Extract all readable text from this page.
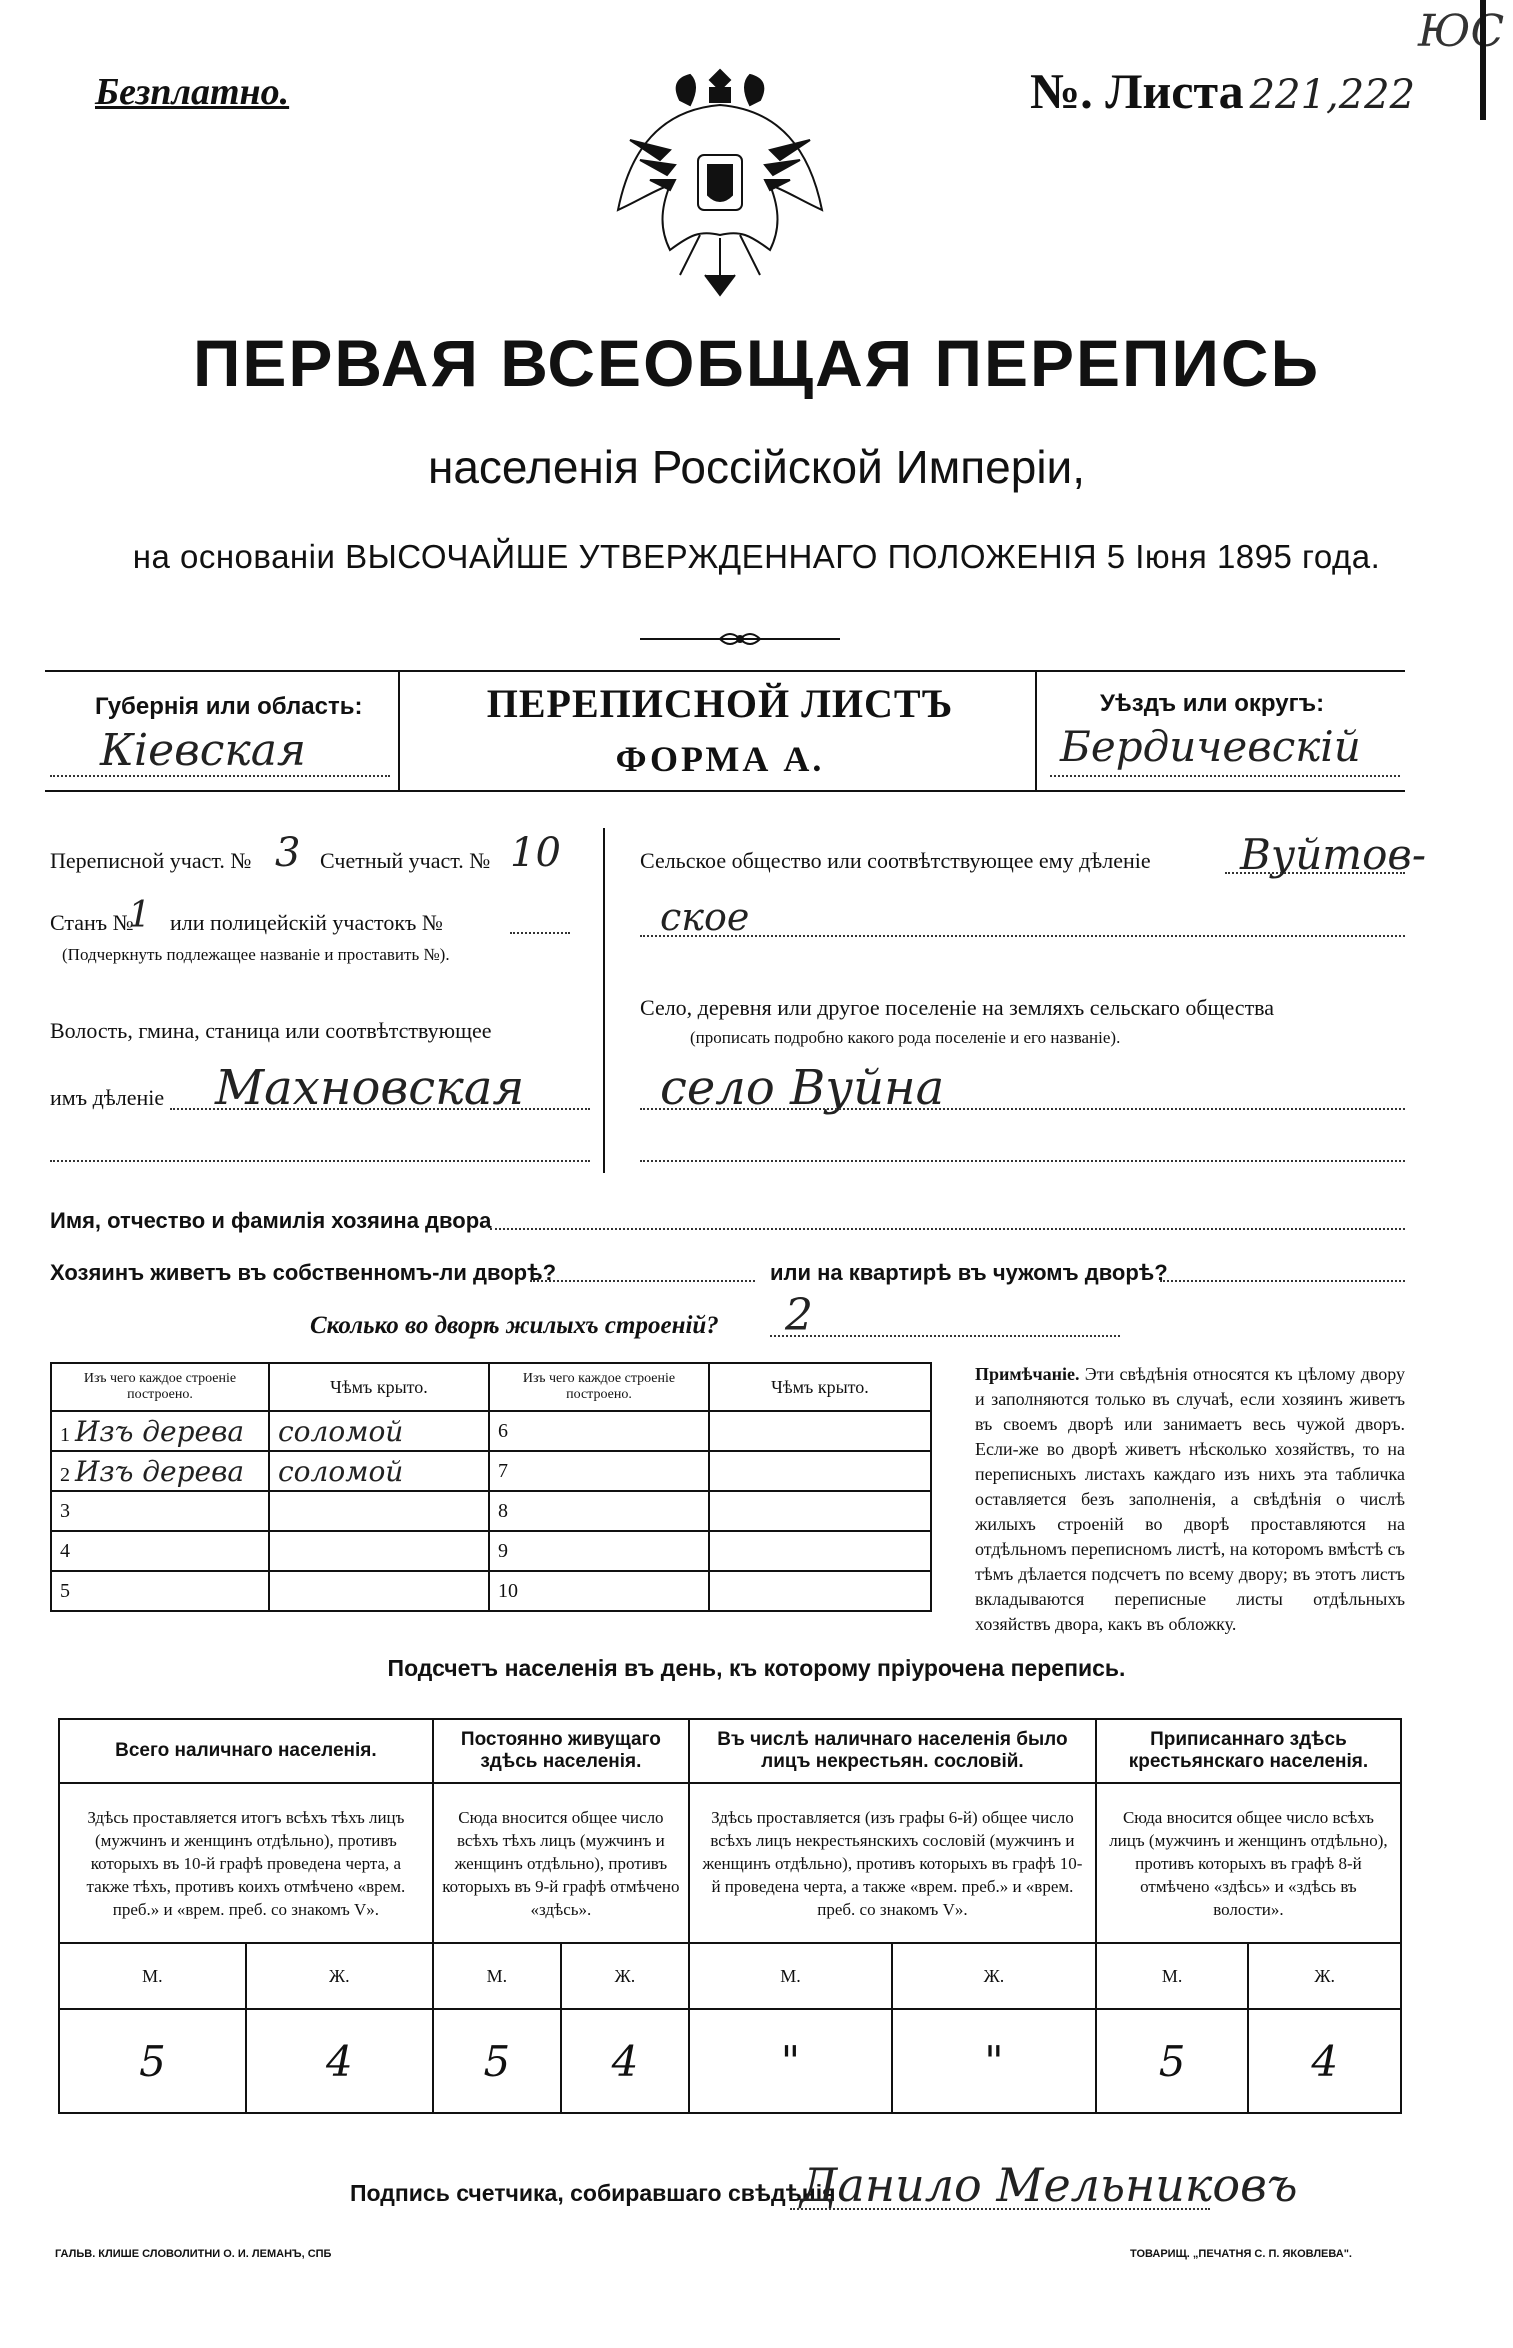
Безплатно.	№. Листа 221,222
ЮС
ПЕРВАЯ ВСЕОБЩАЯ ПЕРЕПИСЬ
населенія Россійской Имперіи,
на основаніи ВЫСОЧАЙШЕ УТВЕРЖДЕННАГО ПОЛОЖЕНІЯ 5 Іюня 1895 года.
Губернія или область:
Кіевская
ПЕРЕПИСНОЙ ЛИСТЪ
ФОРМА А.
Уѣздъ или округъ:
Бердичевскій
Переписной участ. № 3 Счетный участ. № 10
Станъ №
1 или полицейскій участокъ №
(Подчеркнуть подлежащее названіе и проставить №).
Волость, гмина, станица или соотвѣтствующее
имъ дѣленіе Махновская
Сельское общество или соотвѣтствующее ему дѣленіе Вуйтов-
ское
Село, деревня или другое поселеніе на земляхъ сельскаго общества
(прописать подробно какого рода поселеніе и его названіе).
село Вуйна
Имя, отчество и фамилія хозяина двора
Хозяинъ живетъ въ собственномъ-ли дворѣ?	или на квартирѣ въ чужомъ дворѣ?
Сколько во дворѣ жилыхъ строеній? 2
Изъ чего каждое строеніе построено.	Чѣмъ крыто.	Изъ чего каждое строеніе построено.	Чѣмъ крыто.
1 Изъ дерева	соломой	6	
2 Изъ дерева	соломой	7	
3		8	
4		9	
5		10	
Примѣчаніе. Эти свѣдѣнія относятся къ цѣлому двору и заполняются только въ случаѣ, если хозяинъ живетъ въ своемъ дворѣ или занимаетъ весь чужой дворъ. Если-же во дворѣ живетъ нѣсколько хозяйствъ, то на переписныхъ листахъ каждаго изъ нихъ эта табличка оставляется безъ заполненія, а свѣдѣнія о числѣ жилыхъ строеній во дворѣ проставляются на отдѣльномъ переписномъ листѣ, на которомъ вмѣстѣ съ тѣмъ дѣлается подсчетъ по всему двору; въ этотъ листъ вкладываются переписные листы отдѣльныхъ хозяйствъ двора, какъ въ обложку.
Подсчетъ населенія въ день, къ которому пріурочена перепись.
Всего наличнаго населенія.		Постоянно живущаго здѣсь населенія.		Въ числѣ наличнаго населенія было лицъ некрестьян. сословій.		Приписаннаго здѣсь крестьянскаго населенія.	
Здѣсь проставляется итогъ всѣхъ тѣхъ лицъ (мужчинъ и женщинъ отдѣльно), противъ которыхъ въ 10-й графѣ проведена черта, а также тѣхъ, противъ коихъ отмѣчено «врем. преб.» и «врем. преб. со знакомъ V».		Сюда вносится общее число всѣхъ тѣхъ лицъ (мужчинъ и женщинъ отдѣльно), противъ которыхъ въ 9-й графѣ отмѣчено «здѣсь».		Здѣсь проставляется (изъ графы 6-й) общее число всѣхъ лицъ некрестьянскихъ сословій (мужчинъ и женщинъ отдѣльно), противъ которыхъ въ графѣ 10-й проведена черта, а также «врем. преб.» и «врем. преб. со знакомъ V».		Сюда вносится общее число всѣхъ лицъ (мужчинъ и женщинъ отдѣльно), противъ которыхъ въ графѣ 8-й отмѣчено «здѣсь» и «здѣсь въ волости».	
М.	Ж.	М.	Ж.	М.	Ж.	М.	Ж.
5	4	5	4	"	"	5	4
Подпись счетчика, собиравшаго свѣдѣнія
Данило Мельниковъ
ГАЛЬВ. КЛИШЕ СЛОВОЛИТНИ О. И. ЛЕМАНЪ, СПБ	ТОВАРИЩ. „ПЕЧАТНЯ С. П. ЯКОВЛЕВА".
